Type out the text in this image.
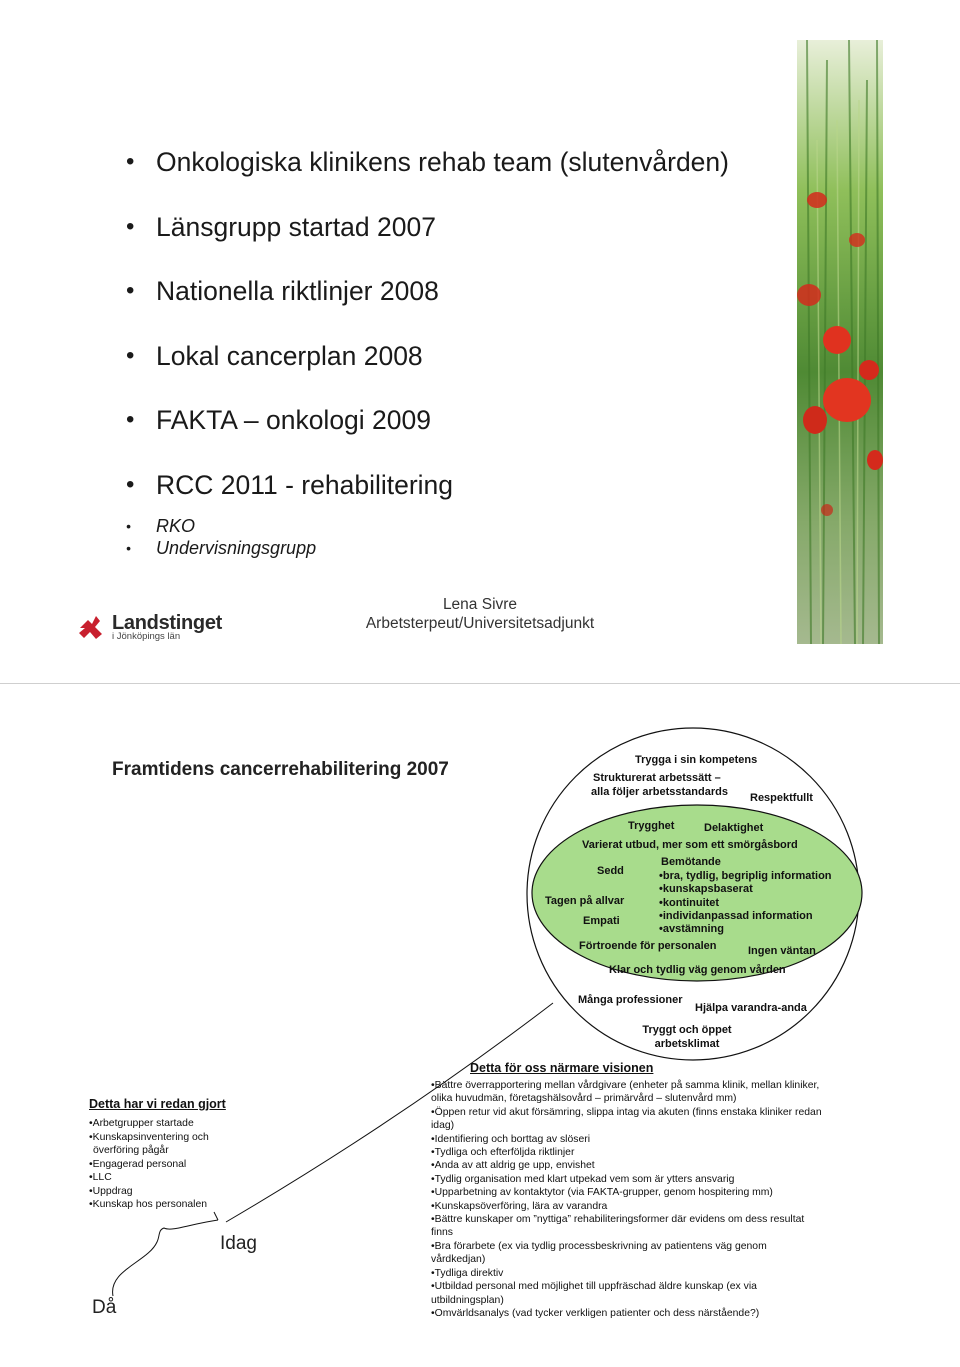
• Onkologiska klinikens rehab team (slutenvården)
• Länsgrupp startad 2007
• Nationella riktlinjer 2008
• Lokal cancerplan 2008
• FAKTA – onkologi 2009
• RCC 2011 - rehabilitering
• RKO
• Undervisningsgrupp
Lena Sivre
Arbetsterpeut/Universitetsadjunkt
Landstinget
i Jönköpings län
Framtidens cancerrehabilitering 2007	Trygga i sin kompetens
Strukturerat arbetssätt –
alla följer arbetsstandards Respektfullt
Klar och tydlig väg genom vården
Många professioner
Hjälpa varandra-anda
Tryggt och öppet
arbetsklimat
Trygghet	Delaktighet
Varierat utbud, mer som ett smörgåsbord
Bemötande
Sedd
Tagen på allvar
Empati
• bra, tydlig, begriplig information
• kunskapsbaserat
• kontinuitet
• individanpassad information
• avstämning
Förtroende för personalen	Ingen väntan
Detta har vi redan gjort
• Arbetgrupper startade
• Kunskapsinventering och överföring pågår
• Engagerad personal
• LLC
• Uppdrag
• Kunskap hos personalen
Detta för oss närmare visionen
• Bättre överrapportering mellan vårdgivare (enheter på samma klinik, mellan kliniker, olika huvudmän, företagshälsovård – primärvård – slutenvård mm)
• Öppen retur vid akut försämring, slippa intag via akuten (finns enstaka kliniker redan idag)
• Identifiering och borttag av slöseri
• Tydliga och efterföljda riktlinjer
• Anda av att aldrig ge upp, envishet
• Tydlig organisation med klart utpekad vem som är ytters ansvarig
• Upparbetning av kontaktytor (via FAKTA-grupper, genom hospitering mm)
• Kunskapsöverföring, lära av varandra
• Bättre kunskaper om ”nyttiga” rehabiliteringsformer där evidens om dess resultat finns
• Bra förarbete (ex via tydlig processbeskrivning av patientens väg genom vårdkedjan)
• Tydliga direktiv
• Utbildad personal med möjlighet till uppfräschad äldre kunskap (ex via utbildningsplan)
• Omvärldsanalys (vad tycker verkligen patienter och dess närstående?)
Idag
Då
